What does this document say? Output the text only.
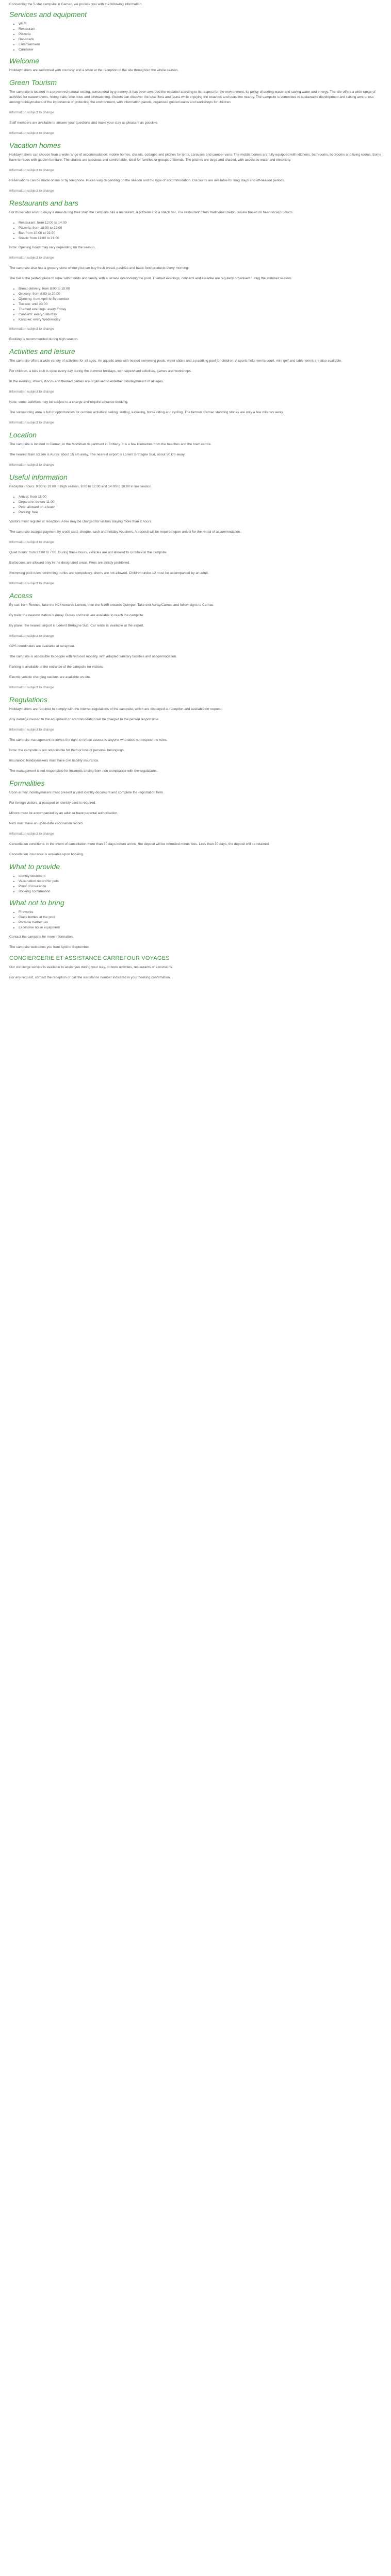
Concerning the 5-star campsite in Carnac, we provide you with the following information

Services and equipment
• Wi-Fi
• Restaurant
• Pizzeria
• Bar-snack
• Entertainment
• Caretaker
Welcome

Holidaymakers are welcomed with courtesy and a smile at the reception of the site throughout the whole season.

Green Tourism

The campsite is located in a preserved natural setting, surrounded by greenery. It has been awarded the ecolabel attesting to its respect for the environment, its policy of sorting waste and saving water and energy. The site offers a wide range of activities for nature lovers, hiking trails, bike rides and birdwatching. Visitors can discover the local flora and fauna while enjoying the beaches and coastline nearby. The campsite is committed to sustainable development and raising awareness among holidaymakers of the importance of protecting the environment, with information panels, organised guided walks and workshops for children.

Information subject to change

Staff members are available to answer your questions and make your stay as pleasant as possible.

Information subject to change

Vacation homes

Holidaymakers can choose from a wide range of accommodation: mobile homes, chalets, cottages and pitches for tents, caravans and camper vans. The mobile homes are fully equipped with kitchens, bathrooms, bedrooms and living rooms. Some have terraces with garden furniture. The chalets are spacious and comfortable, ideal for families or groups of friends. The pitches are large and shaded, with access to water and electricity.

Information subject to change

Reservations can be made online or by telephone. Prices vary depending on the season and the type of accommodation. Discounts are available for long stays and off-season periods.

Information subject to change

Restaurants and bars

For those who wish to enjoy a meal during their stay, the campsite has a restaurant, a pizzeria and a snack bar. The restaurant offers traditional Breton cuisine based on fresh local products.

• Restaurant: from 12:00 to 14:00
• Pizzeria: from 18:00 to 22:00
• Bar: from 10:00 to 23:00
• Snack: from 11:00 to 21:00

Note: Opening hours may vary depending on the season.

Information subject to change

The campsite also has a grocery store where you can buy fresh bread, pastries and basic food products every morning.

The bar is the perfect place to relax with friends and family, with a terrace overlooking the pool. Themed evenings, concerts and karaoke are regularly organised during the summer season.

• Bread delivery: from 8:00 to 10:00
• Grocery: from 8:00 to 20:00
• Opening: from April to September
• Terrace: until 23:00
• Themed evenings: every Friday
• Concerts: every Saturday
• Karaoke: every Wednesday

Information subject to change

Booking is recommended during high season.

Activities and leisure

The campsite offers a wide variety of activities for all ages. An aquatic area with heated swimming pools, water slides and a paddling pool for children. A sports field, tennis court, mini golf and table tennis are also available.

For children, a kids club is open every day during the summer holidays, with supervised activities, games and workshops.

In the evening, shows, discos and themed parties are organised to entertain holidaymakers of all ages.

Information subject to change

Note: some activities may be subject to a charge and require advance booking.

The surrounding area is full of opportunities for outdoor activities: sailing, surfing, kayaking, horse riding and cycling. The famous Carnac standing stones are only a few minutes away.

Information subject to change

Location

The campsite is located in Carnac, in the Morbihan department in Brittany. It is a few kilometres from the beaches and the town centre.

The nearest train station is Auray, about 15 km away. The nearest airport is Lorient Bretagne Sud, about 50 km away.

Information subject to change

Useful information

Reception hours: 9:00 to 19:00 in high season, 9:00 to 12:00 and 14:00 to 18:00 in low season.

• Arrival: from 15:00
• Departure: before 11:00
• Pets: allowed on a leash
• Parking: free

Visitors must register at reception. A fee may be charged for visitors staying more than 2 hours.

The campsite accepts payment by credit card, cheque, cash and holiday vouchers. A deposit will be required upon arrival for the rental of accommodation.

Information subject to change

Quiet hours: from 23:00 to 7:00. During these hours, vehicles are not allowed to circulate in the campsite.

Barbecues are allowed only in the designated areas. Fires are strictly prohibited.

Swimming pool rules: swimming trunks are compulsory, shorts are not allowed. Children under 12 must be accompanied by an adult.

Information subject to change

Access

By car: from Rennes, take the N24 towards Lorient, then the N165 towards Quimper. Take exit Auray/Carnac and follow signs to Carnac.

By train: the nearest station is Auray. Buses and taxis are available to reach the campsite.

By plane: the nearest airport is Lorient Bretagne Sud. Car rental is available at the airport.

Information subject to change

GPS coordinates are available at reception.

The campsite is accessible to people with reduced mobility, with adapted sanitary facilities and accommodation.

Parking is available at the entrance of the campsite for visitors.

Electric vehicle charging stations are available on site.

Information subject to change

Regulations

Holidaymakers are required to comply with the internal regulations of the campsite, which are displayed at reception and available on request.

Any damage caused to the equipment or accommodation will be charged to the person responsible.

Information subject to change

The campsite management reserves the right to refuse access to anyone who does not respect the rules.

Note: the campsite is not responsible for theft or loss of personal belongings.

Insurance: holidaymakers must have civil liability insurance.

The management is not responsible for incidents arising from non-compliance with the regulations.

Formalities

Upon arrival, holidaymakers must present a valid identity document and complete the registration form.

For foreign visitors, a passport or identity card is required.

Minors must be accompanied by an adult or have parental authorisation.

Pets must have an up-to-date vaccination record.

Information subject to change

Cancellation conditions: in the event of cancellation more than 30 days before arrival, the deposit will be refunded minus fees. Less than 30 days, the deposit will be retained.

Cancellation insurance is available upon booking.

What to provide
• Identity document
• Vaccination record for pets
• Proof of insurance
• Booking confirmation
What not to bring
• Fireworks
• Glass bottles at the pool
• Portable barbecues
• Excessive noise equipment

Contact the campsite for more information.

The campsite welcomes you from April to September.

CONCIERGERIE ET ASSISTANCE CARREFOUR VOYAGES

Our concierge service is available to assist you during your stay, to book activities, restaurants or excursions.

For any request, contact the reception or call the assistance number indicated in your booking confirmation.
